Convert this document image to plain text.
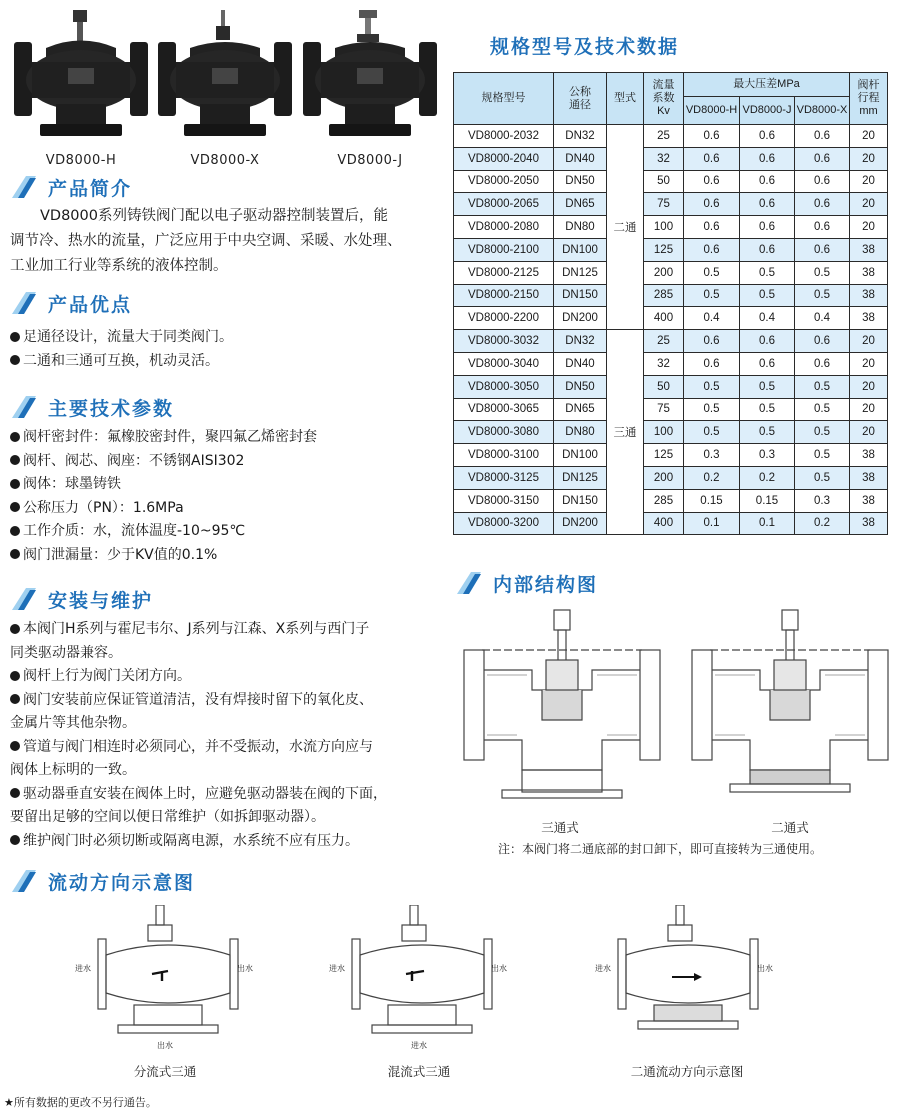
VD8000-H	VD8000-X	VD8000-J
产品简介
VD8000系列铸铁阀门配以电子驱动器控制装置后，能
调节冷、热水的流量，广泛应用于中央空调、采暖、水处理、
工业加工行业等系统的液体控制。
产品优点
足通径设计，流量大于同类阀门。
二通和三通可互换，机动灵活。
主要技术参数
阀杆密封件：氟橡胶密封件，聚四氟乙烯密封套
阀杆、阀芯、阀座：不锈钢AISI302
阀体：球墨铸铁
公称压力（PN）：1.6MPa
工作介质：水，流体温度-10~95℃
阀门泄漏量：少于KV值的0.1%
安装与维护
本阀门H系列与霍尼韦尔、J系列与江森、X系列与西门子
同类驱动器兼容。
阀杆上行为阀门关闭方向。
阀门安装前应保证管道清洁，没有焊接时留下的氧化皮、
金属片等其他杂物。
管道与阀门相连时必须同心，并不受振动，水流方向应与
阀体上标明的一致。
驱动器垂直安装在阀体上时，应避免驱动器装在阀的下面，
要留出足够的空间以便日常维护（如拆卸驱动器）。
维护阀门时必须切断或隔离电源，水系统不应有压力。
流动方向示意图
规格型号及技术数据
规格型号	公称
通径	型式	流量
系数
Kv	最大压差MPa			阀杆
行程
mm
				VD8000-H	VD8000-J	VD8000-X	
VD8000-2032	DN32	二通	25	0.6	0.6	0.6	20
VD8000-2040	DN40		32	0.6	0.6	0.6	20
VD8000-2050	DN50		50	0.6	0.6	0.6	20
VD8000-2065	DN65		75	0.6	0.6	0.6	20
VD8000-2080	DN80		100	0.6	0.6	0.6	20
VD8000-2100	DN100		125	0.6	0.6	0.6	38
VD8000-2125	DN125		200	0.5	0.5	0.5	38
VD8000-2150	DN150		285	0.5	0.5	0.5	38
VD8000-2200	DN200		400	0.4	0.4	0.4	38
VD8000-3032	DN32	三通	25	0.6	0.6	0.6	20
VD8000-3040	DN40		32	0.6	0.6	0.6	20
VD8000-3050	DN50		50	0.5	0.5	0.5	20
VD8000-3065	DN65		75	0.5	0.5	0.5	20
VD8000-3080	DN80		100	0.5	0.5	0.5	20
VD8000-3100	DN100		125	0.3	0.3	0.5	38
VD8000-3125	DN125		200	0.2	0.2	0.5	38
VD8000-3150	DN150		285	0.15	0.15	0.3	38
VD8000-3200	DN200		400	0.1	0.1	0.2	38
内部结构图
三通式	二通式
注：本阀门将二通底部的封口卸下，即可直接转为三通使用。
进水	出水
出水
分流式三通
进水	出水
进水
混流式三通
进水	出水
二通流动方向示意图
★所有数据的更改不另行通告。
